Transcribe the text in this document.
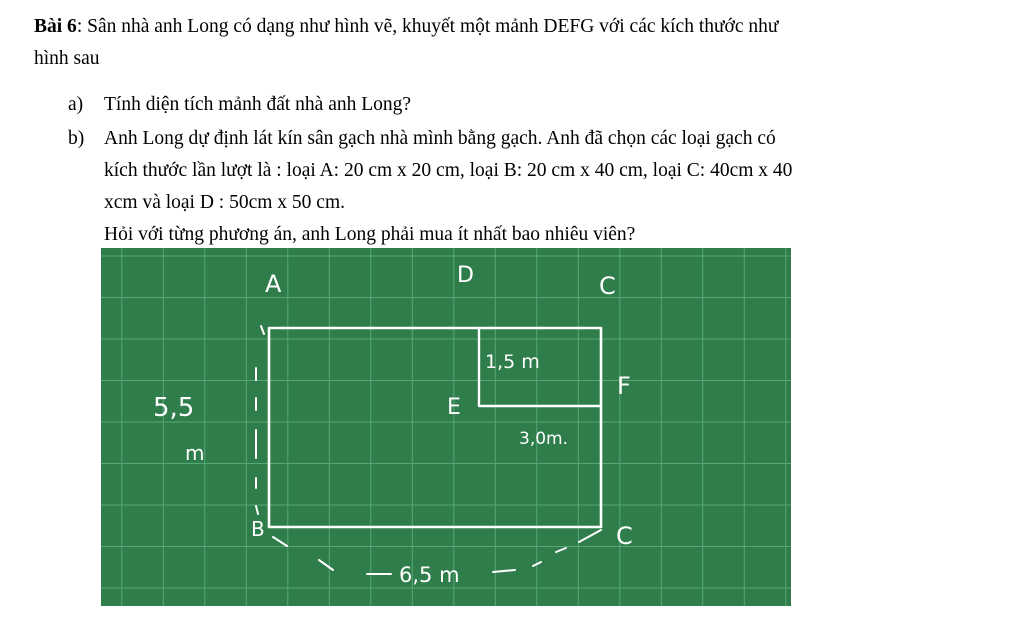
Bài 6: Sân nhà anh Long có dạng như hình vẽ, khuyết một mảnh DEFG với các kích thước như
hình sau
a) Tính diện tích mảnh đất nhà anh Long?
b) Anh Long dự định lát kín sân gạch nhà mình bằng gạch. Anh đã chọn các loại gạch có
kích thước lần lượt là : loại A: 20 cm x 20 cm, loại B: 20 cm x 40 cm, loại C: 40cm x 40
xcm và loại D : 50cm x 50 cm.
Hỏi với từng phương án, anh Long phải mua ít nhất bao nhiêu viên?
A	D	C
F
E
B	C
1,5 m
3,0m.
5,5
m
6,5 m
